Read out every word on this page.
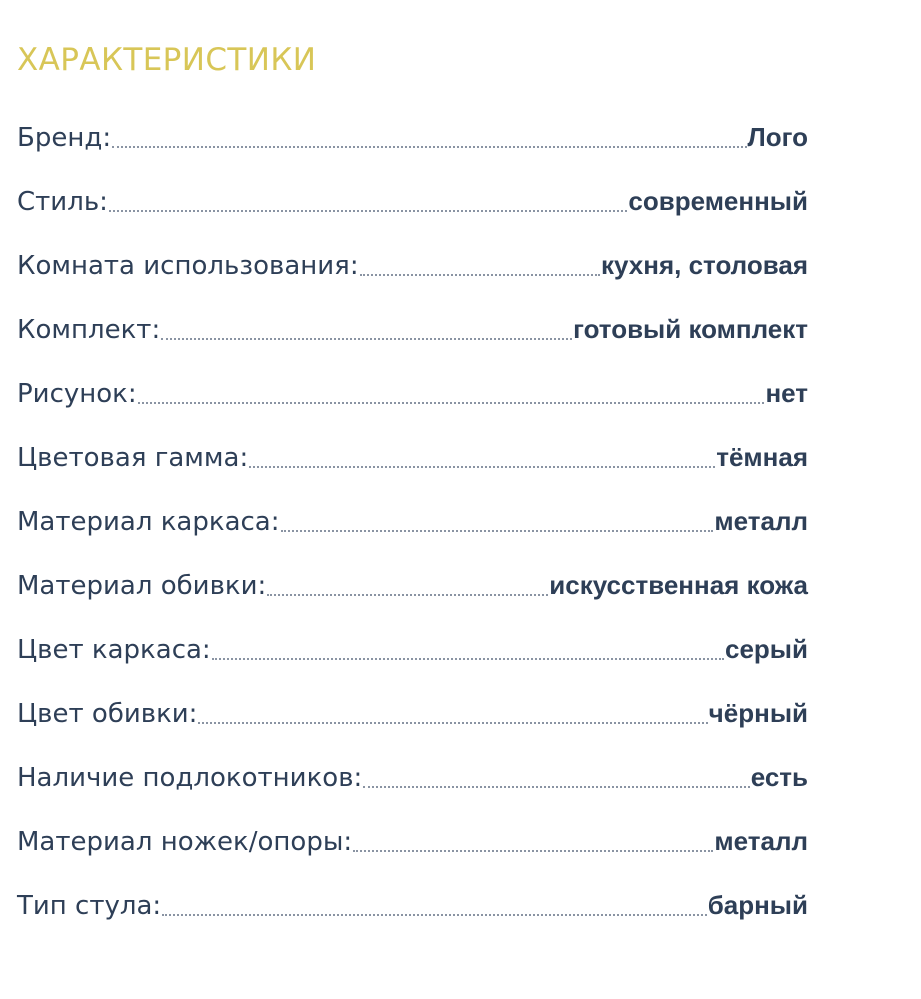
ХАРАКТЕРИСТИКИ
Бренд:	Лого
Стиль:	современный
Комната использования:	кухня, столовая
Комплект:	готовый комплект
Рисунок:	нет
Цветовая гамма:	тёмная
Материал каркаса:	металл
Материал обивки:	искусственная кожа
Цвет каркаса:	серый
Цвет обивки:	чёрный
Наличие подлокотников:	есть
Материал ножек/опоры:	металл
Тип стула:	барный
